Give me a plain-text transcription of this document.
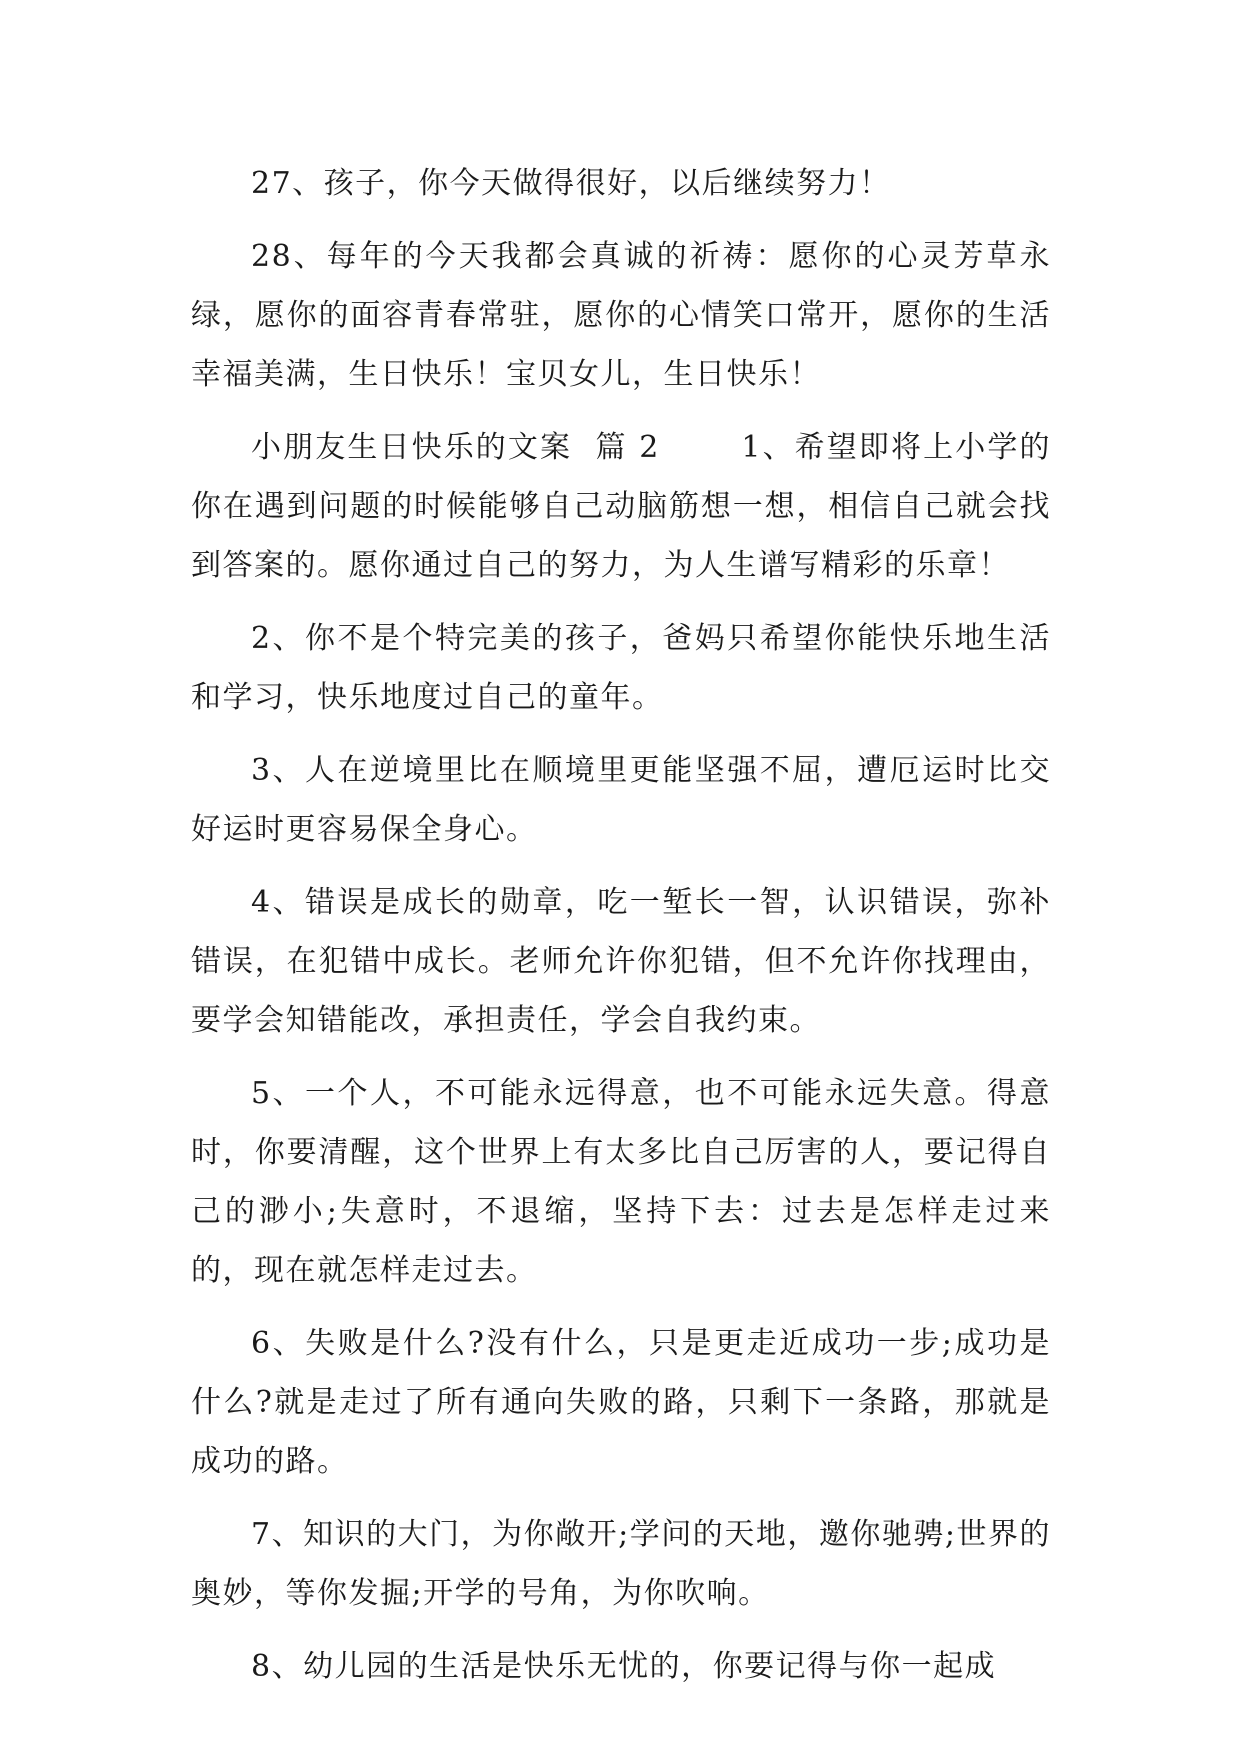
27、孩子，你今天做得很好，以后继续努力！

28、每年的今天我都会真诚的祈祷：愿你的心灵芳草永绿，愿你的面容青春常驻，愿你的心情笑口常开，愿你的生活幸福美满，生日快乐！宝贝女儿，生日快乐！

小朋友生日快乐的文案  篇 2       1、希望即将上小学的你在遇到问题的时候能够自己动脑筋想一想，相信自己就会找到答案的。愿你通过自己的努力，为人生谱写精彩的乐章！

2、你不是个特完美的孩子，爸妈只希望你能快乐地生活和学习，快乐地度过自己的童年。

3、人在逆境里比在顺境里更能坚强不屈，遭厄运时比交好运时更容易保全身心。

4、错误是成长的勋章，吃一堑长一智，认识错误，弥补错误，在犯错中成长。老师允许你犯错，但不允许你找理由，要学会知错能改，承担责任，学会自我约束。

5、一个人，不可能永远得意，也不可能永远失意。得意时，你要清醒，这个世界上有太多比自己厉害的人，要记得自己的渺小;失意时，不退缩，坚持下去：过去是怎样走过来的，现在就怎样走过去。

6、失败是什么?没有什么，只是更走近成功一步;成功是什么?就是走过了所有通向失败的路，只剩下一条路，那就是成功的路。

7、知识的大门，为你敞开;学问的天地，邀你驰骋;世界的奥妙，等你发掘;开学的号角，为你吹响。

8、幼儿园的生活是快乐无忧的，你要记得与你一起成
